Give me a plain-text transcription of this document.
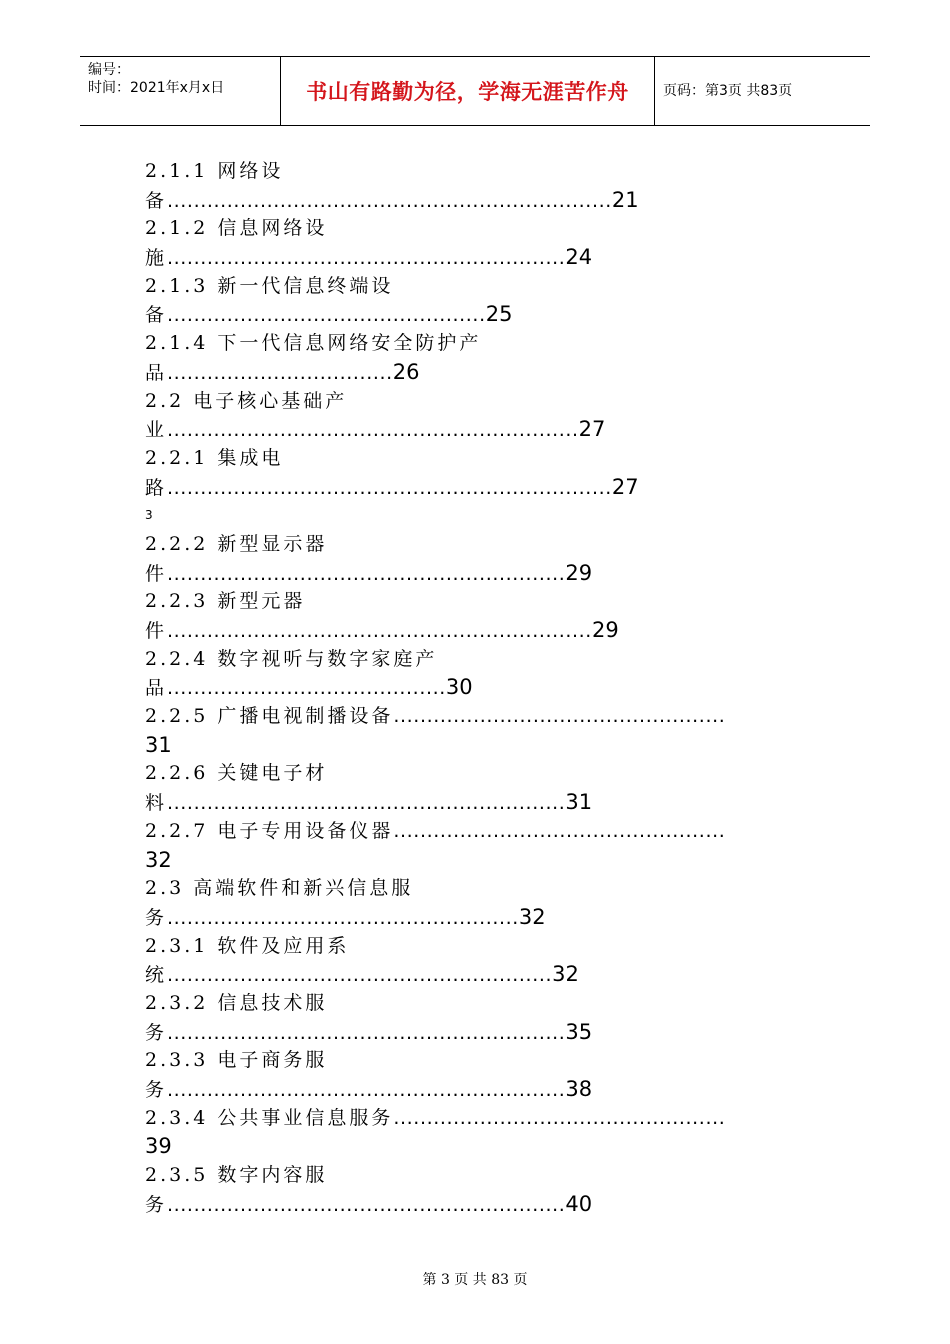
编号：
时间：2021年x月x日	书山有路勤为径，学海无涯苦作舟 页码：第3页 共83页
2.1.1 网络设
备...................................................................21
2.1.2 信息网络设
施............................................................24
2.1.3 新一代信息终端设
备................................................25
2.1.4 下一代信息网络安全防护产
品..................................26
2.2 电子核心基础产
业..............................................................27
2.2.1 集成电
路...................................................................27
3
2.2.2 新型显示器
件............................................................29
2.2.3 新型元器
件................................................................29
2.2.4 数字视听与数字家庭产
品..........................................30
2.2.5 广播电视制播设备..................................................
31
2.2.6 关键电子材
料............................................................31
2.2.7 电子专用设备仪器..................................................
32
2.3 高端软件和新兴信息服
务.....................................................32
2.3.1 软件及应用系
统..........................................................32
2.3.2 信息技术服
务............................................................35
2.3.3 电子商务服
务............................................................38
2.3.4 公共事业信息服务..................................................
39
2.3.5 数字内容服
务............................................................40
第 3 页 共 83 页
